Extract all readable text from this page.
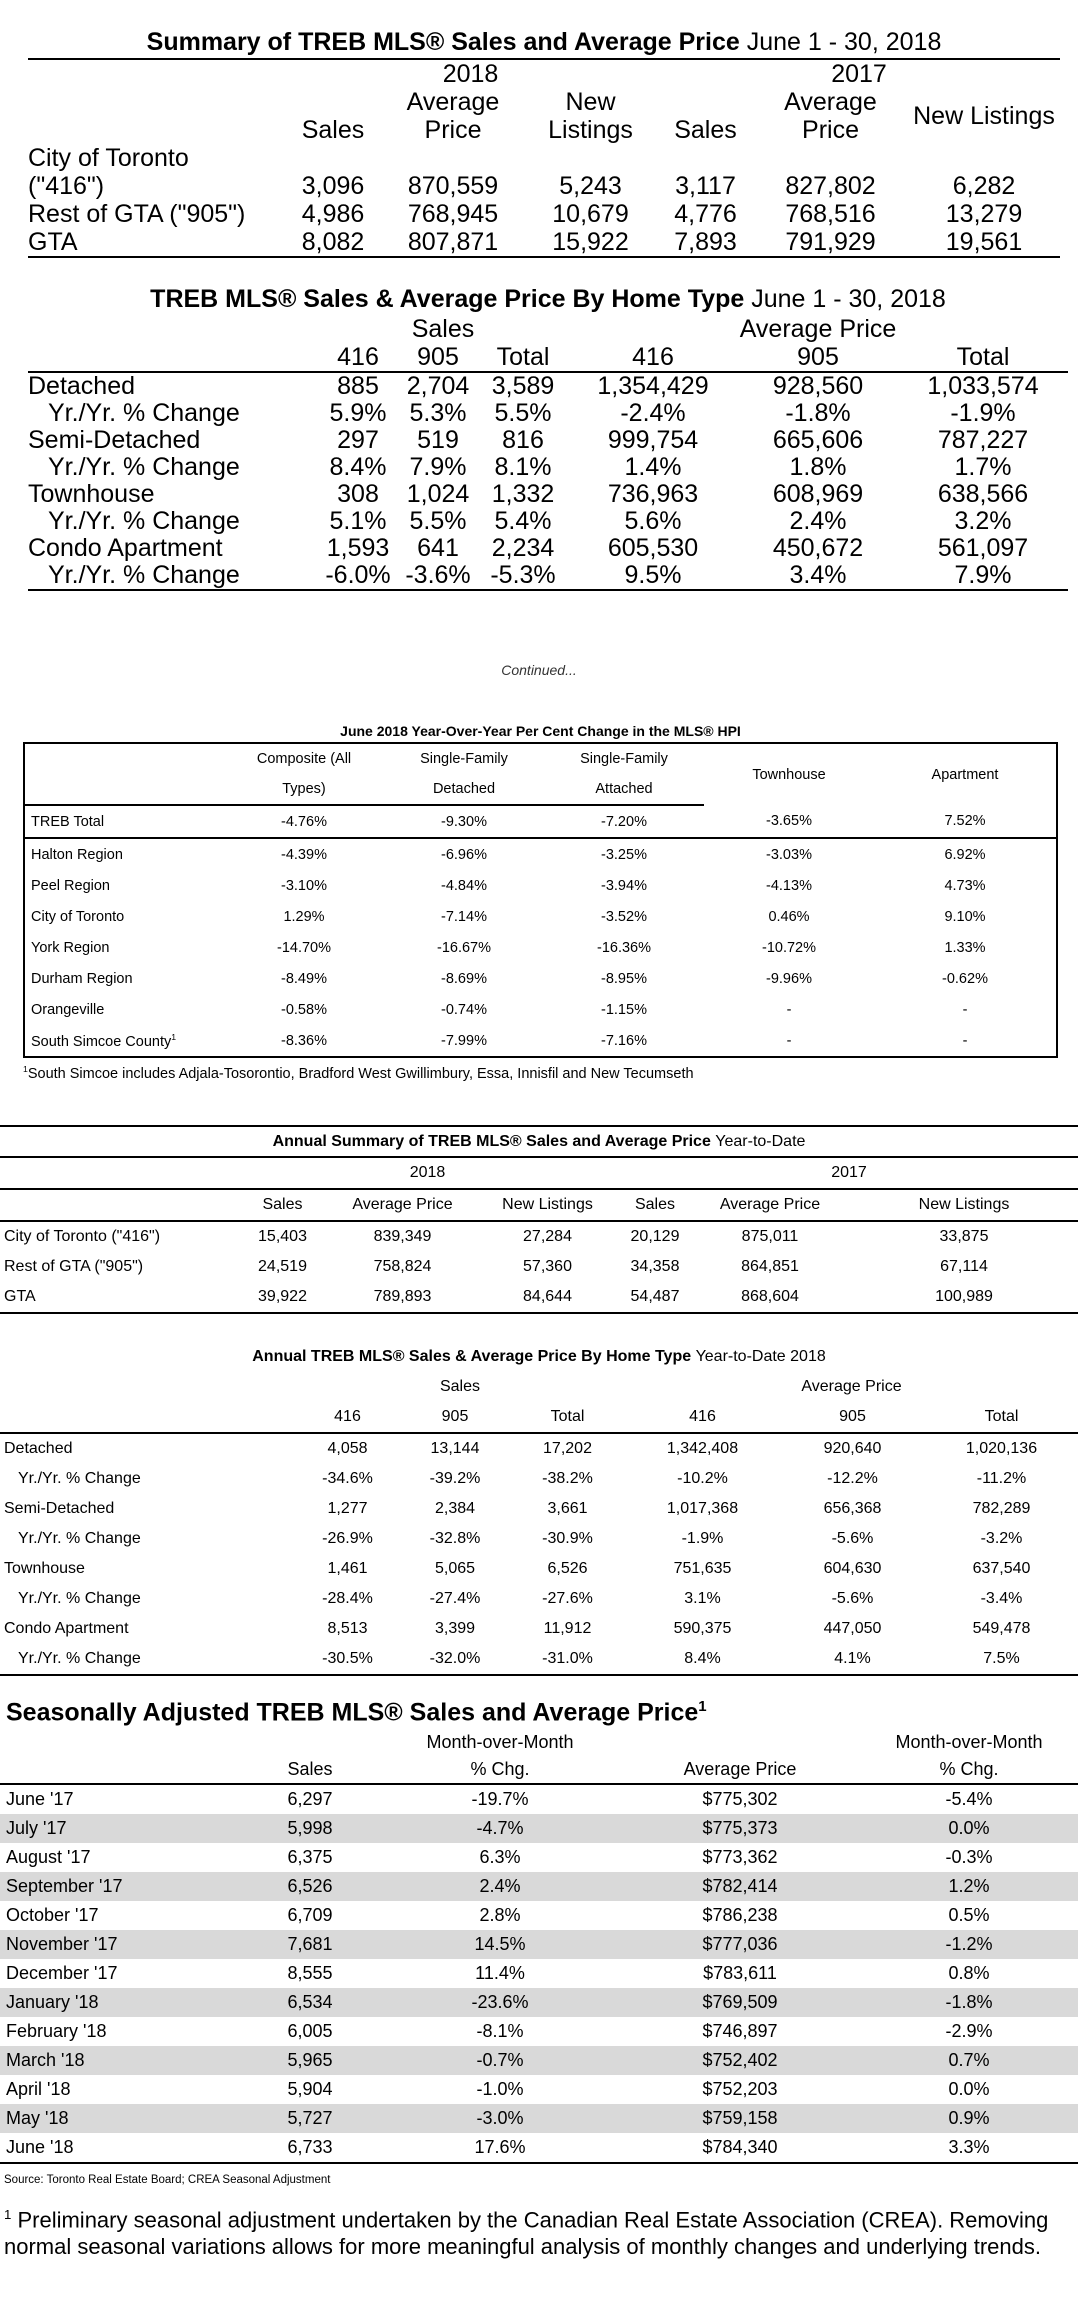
Summary of TREB MLS® Sales and Average Price June 1 - 30, 2018
	2018			2017		
	Sales	Average Price	New Listings	Sales	Average Price	New Listings
City of Toronto						
("416")	3,096	870,559	5,243	3,117	827,802	6,282
Rest of GTA ("905")	4,986	768,945	10,679	4,776	768,516	13,279
GTA	8,082	807,871	15,922	7,893	791,929	19,561
TREB MLS® Sales & Average Price By Home Type June 1 - 30, 2018
	Sales			Average Price		
	416	905	Total	416	905	Total
Detached	885	2,704	3,589	1,354,429	928,560	1,033,574
Yr./Yr. % Change	5.9%	5.3%	5.5%	-2.4%	-1.8%	-1.9%
Semi-Detached	297	519	816	999,754	665,606	787,227
Yr./Yr. % Change	8.4%	7.9%	8.1%	1.4%	1.8%	1.7%
Townhouse	308	1,024	1,332	736,963	608,969	638,566
Yr./Yr. % Change	5.1%	5.5%	5.4%	5.6%	2.4%	3.2%
Condo Apartment	1,593	641	2,234	605,530	450,672	561,097
Yr./Yr. % Change	-6.0%	-3.6%	-5.3%	9.5%	3.4%	7.9%
Continued...
June 2018 Year-Over-Year Per Cent Change in the MLS® HPI
	Composite (All	Single-Family	Single-Family	Townhouse	Apartment
	Types)	Detached	Attached		
TREB Total	-4.76%	-9.30%	-7.20%	-3.65%	7.52%
Halton Region	-4.39%	-6.96%	-3.25%	-3.03%	6.92%
Peel Region	-3.10%	-4.84%	-3.94%	-4.13%	4.73%
City of Toronto	1.29%	-7.14%	-3.52%	0.46%	9.10%
York Region	-14.70%	-16.67%	-16.36%	-10.72%	1.33%
Durham Region	-8.49%	-8.69%	-8.95%	-9.96%	-0.62%
Orangeville	-0.58%	-0.74%	-1.15%	-	-
South Simcoe County$^1$	-8.36%	-7.99%	-7.16%	-	-
$^1$South Simcoe includes Adjala-Tosorontio, Bradford West Gwillimbury, Essa, Innisfil and New Tecumseth
Annual Summary of TREB MLS® Sales and Average Price Year-to-Date
	2018			2017		
	Sales	Average Price	New Listings	Sales	Average Price	New Listings
City of Toronto ("416")	15,403	839,349	27,284	20,129	875,011	33,875
Rest of GTA ("905")	24,519	758,824	57,360	34,358	864,851	67,114
GTA	39,922	789,893	84,644	54,487	868,604	100,989
Annual TREB MLS® Sales & Average Price By Home Type Year-to-Date 2018
	Sales			Average Price		
	416	905	Total	416	905	Total
Detached	4,058	13,144	17,202	1,342,408	920,640	1,020,136
Yr./Yr. % Change	-34.6%	-39.2%	-38.2%	-10.2%	-12.2%	-11.2%
Semi-Detached	1,277	2,384	3,661	1,017,368	656,368	782,289
Yr./Yr. % Change	-26.9%	-32.8%	-30.9%	-1.9%	-5.6%	-3.2%
Townhouse	1,461	5,065	6,526	751,635	604,630	637,540
Yr./Yr. % Change	-28.4%	-27.4%	-27.6%	3.1%	-5.6%	-3.4%
Condo Apartment	8,513	3,399	11,912	590,375	447,050	549,478
Yr./Yr. % Change	-30.5%	-32.0%	-31.0%	8.4%	4.1%	7.5%
Seasonally Adjusted TREB MLS® Sales and Average Price$^1$
		Month-over-Month		Month-over-Month
	Sales	% Chg.	Average Price	% Chg.
June '17	6,297	-19.7%	$775,302	-5.4%
July '17	5,998	-4.7%	$775,373	0.0%
August '17	6,375	6.3%	$773,362	-0.3%
September '17	6,526	2.4%	$782,414	1.2%
October '17	6,709	2.8%	$786,238	0.5%
November '17	7,681	14.5%	$777,036	-1.2%
December '17	8,555	11.4%	$783,611	0.8%
January '18	6,534	-23.6%	$769,509	-1.8%
February '18	6,005	-8.1%	$746,897	-2.9%
March '18	5,965	-0.7%	$752,402	0.7%
April '18	5,904	-1.0%	$752,203	0.0%
May '18	5,727	-3.0%	$759,158	0.9%
June '18	6,733	17.6%	$784,340	3.3%
Source: Toronto Real Estate Board; CREA Seasonal Adjustment
$^1$ Preliminary seasonal adjustment undertaken by the Canadian Real Estate Association (CREA). Removing normal seasonal variations allows for more meaningful analysis of monthly changes and underlying trends.
